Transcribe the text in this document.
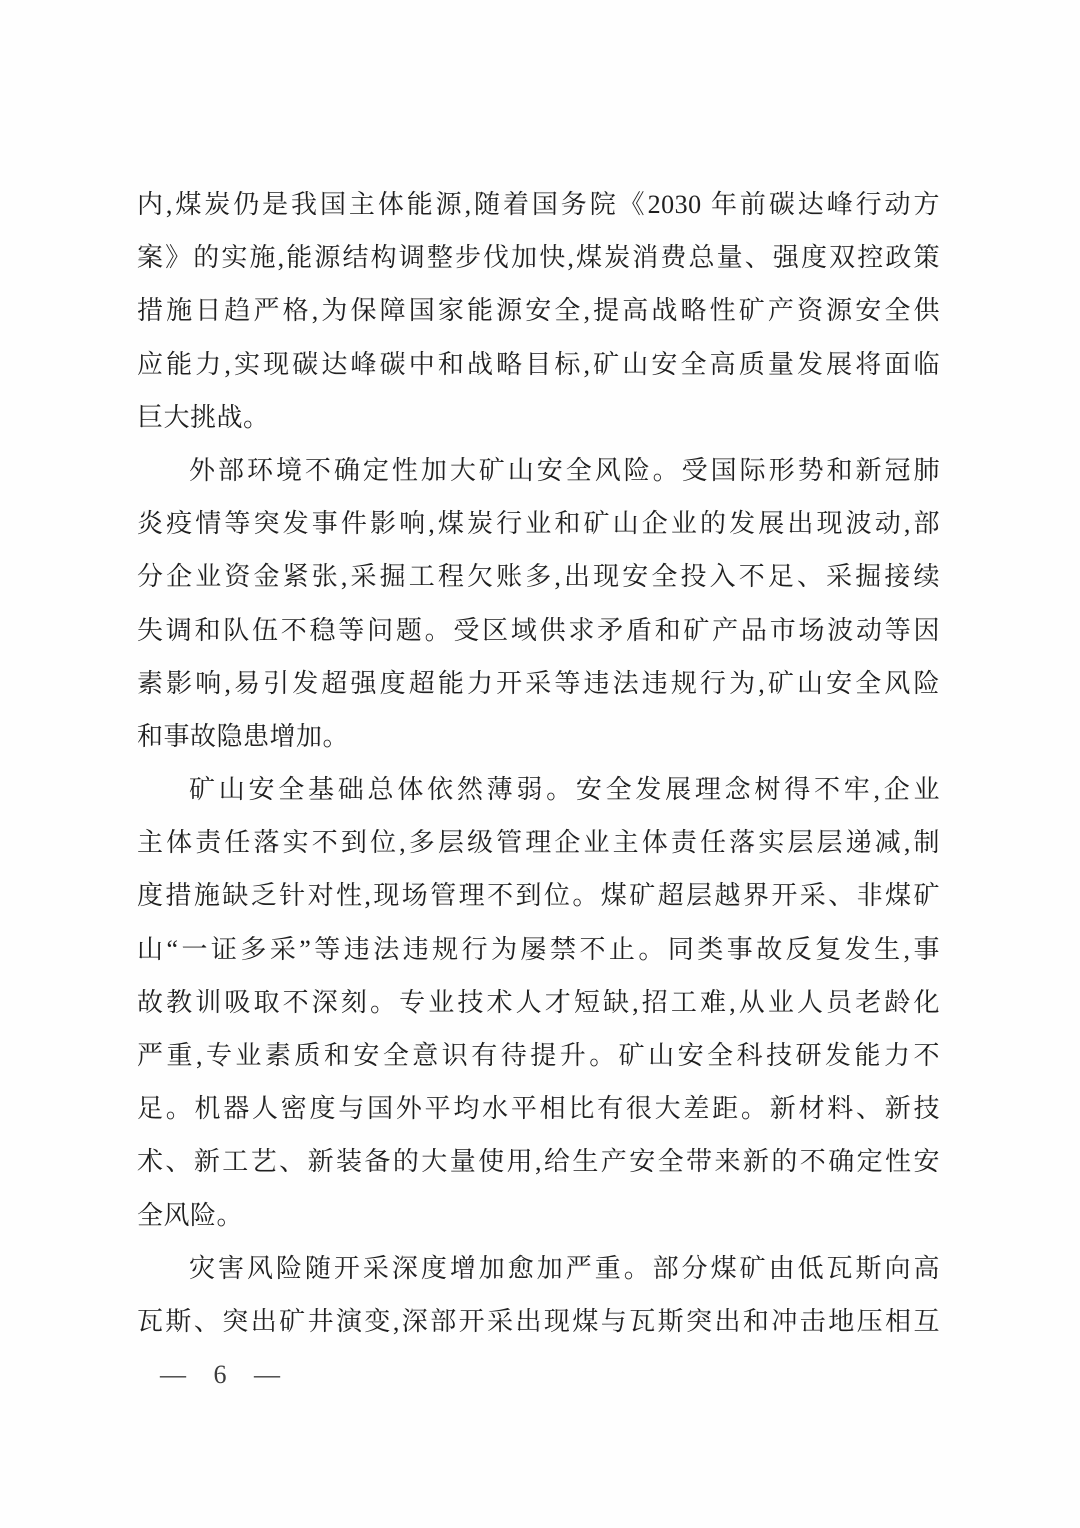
内,煤炭仍是我国主体能源,随着国务院《2030 年前碳达峰行动方
案》的实施,能源结构调整步伐加快,煤炭消费总量、强度双控政策
措施日趋严格,为保障国家能源安全,提高战略性矿产资源安全供
应能力,实现碳达峰碳中和战略目标,矿山安全高质量发展将面临
巨大挑战。
外部环境不确定性加大矿山安全风险。受国际形势和新冠肺
炎疫情等突发事件影响,煤炭行业和矿山企业的发展出现波动,部
分企业资金紧张,采掘工程欠账多,出现安全投入不足、采掘接续
失调和队伍不稳等问题。受区域供求矛盾和矿产品市场波动等因
素影响,易引发超强度超能力开采等违法违规行为,矿山安全风险
和事故隐患增加。
矿山安全基础总体依然薄弱。安全发展理念树得不牢,企业
主体责任落实不到位,多层级管理企业主体责任落实层层递减,制
度措施缺乏针对性,现场管理不到位。煤矿超层越界开采、非煤矿
山“一证多采”等违法违规行为屡禁不止。同类事故反复发生,事
故教训吸取不深刻。专业技术人才短缺,招工难,从业人员老龄化
严重,专业素质和安全意识有待提升。矿山安全科技研发能力不
足。机器人密度与国外平均水平相比有很大差距。新材料、新技
术、新工艺、新装备的大量使用,给生产安全带来新的不确定性安
全风险。
灾害风险随开采深度增加愈加严重。部分煤矿由低瓦斯向高
瓦斯、突出矿井演变,深部开采出现煤与瓦斯突出和冲击地压相互
— 6 —
